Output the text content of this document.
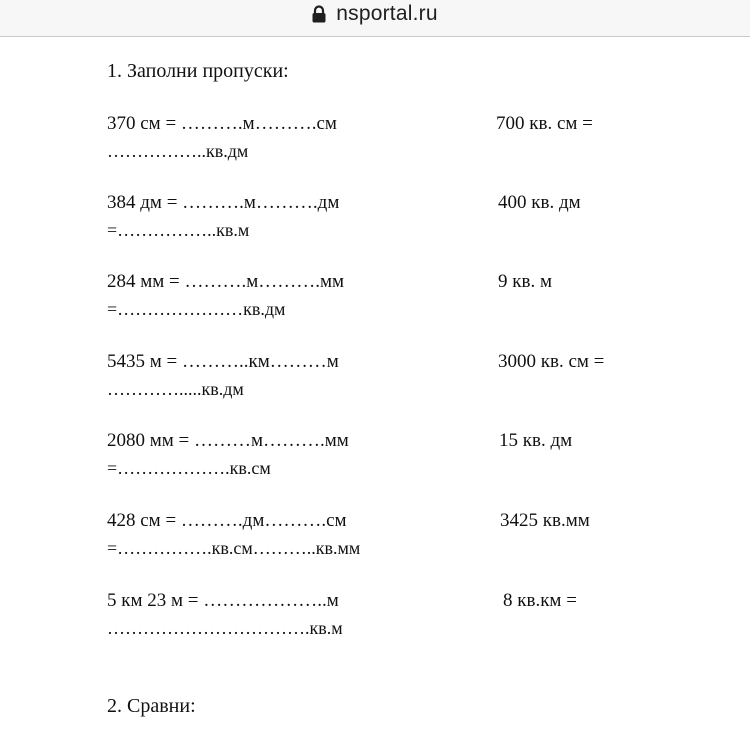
nsportal.ru
1. Заполни пропуски:
370 см = ……….м……….см
……………..кв.дм
700 кв. см =
384 дм = ……….м……….дм
=……………..кв.м
400 кв. дм
284 мм = ……….м……….мм
=…………………кв.дм
9 кв. м
5435 м = ………..км………м
………….....кв.дм
3000 кв. см =
2080 мм = ………м……….мм
=……………….кв.см
15 кв. дм
428 см = ……….дм……….см
=…………….кв.см………..кв.мм
3425 кв.мм
5 км 23 м = ………………..м
…………………………….кв.м
8 кв.км =
2. Сравни:
